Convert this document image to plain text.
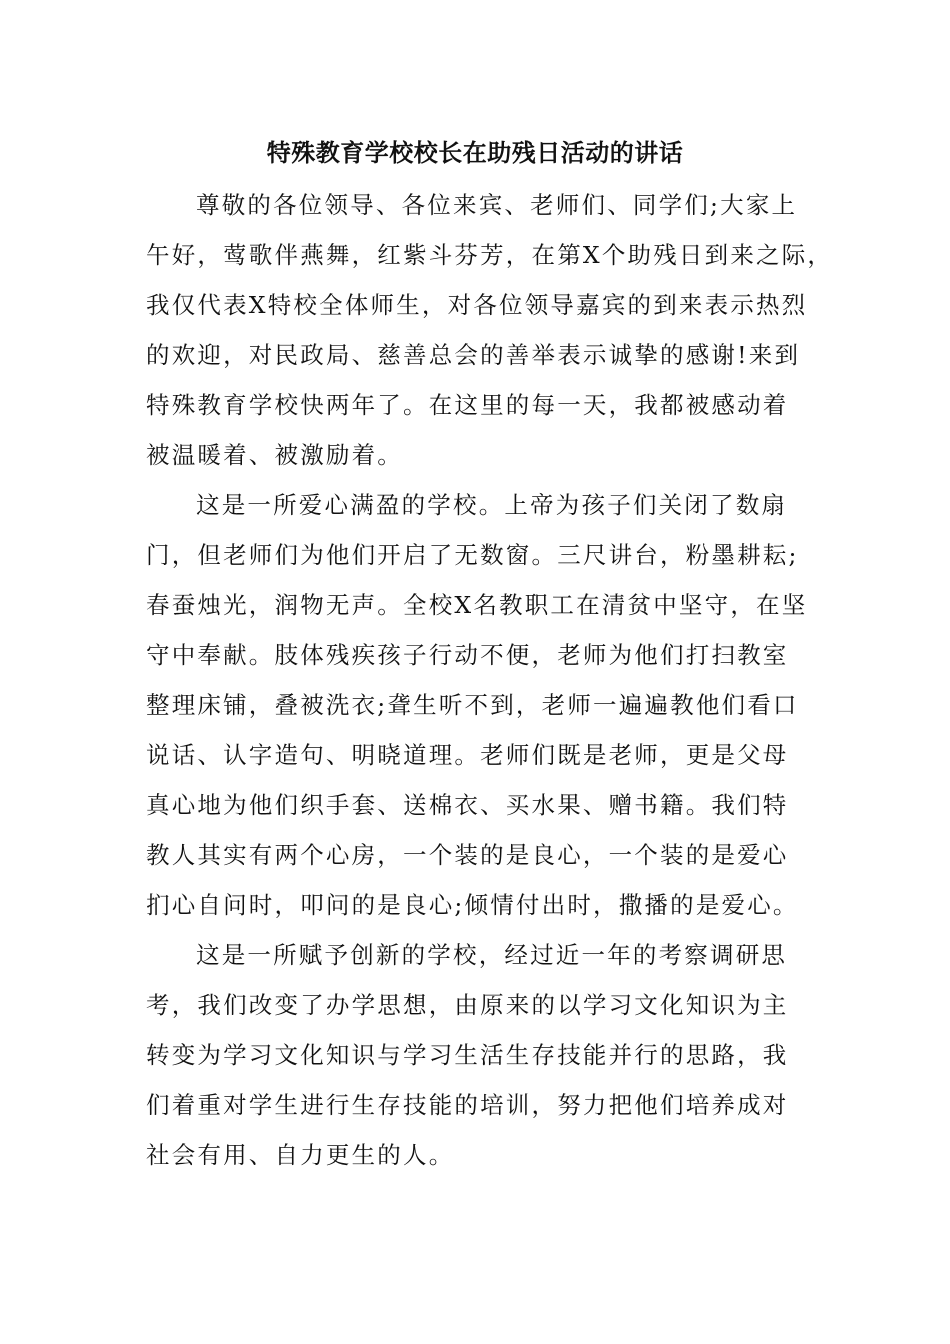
特殊教育学校校长在助残日活动的讲话
尊敬的各位领导、各位来宾、老师们、同学们;大家上
午好，莺歌伴燕舞，红紫斗芬芳，在第X个助残日到来之际，
我仅代表X特校全体师生，对各位领导嘉宾的到来表示热烈
的欢迎，对民政局、慈善总会的善举表示诚挚的感谢!来到
特殊教育学校快两年了。在这里的每一天，我都被感动着
被温暖着、被激励着。
这是一所爱心满盈的学校。上帝为孩子们关闭了数扇
门，但老师们为他们开启了无数窗。三尺讲台，粉墨耕耘;
春蚕烛光，润物无声。全校X名教职工在清贫中坚守，在坚
守中奉献。肢体残疾孩子行动不便，老师为他们打扫教室
整理床铺，叠被洗衣;聋生听不到，老师一遍遍教他们看口
说话、认字造句、明晓道理。老师们既是老师，更是父母
真心地为他们织手套、送棉衣、买水果、赠书籍。我们特
教人其实有两个心房，一个装的是良心，一个装的是爱心
扪心自问时，叩问的是良心;倾情付出时，撒播的是爱心。
这是一所赋予创新的学校，经过近一年的考察调研思
考，我们改变了办学思想，由原来的以学习文化知识为主
转变为学习文化知识与学习生活生存技能并行的思路，我
们着重对学生进行生存技能的培训，努力把他们培养成对
社会有用、自力更生的人。
